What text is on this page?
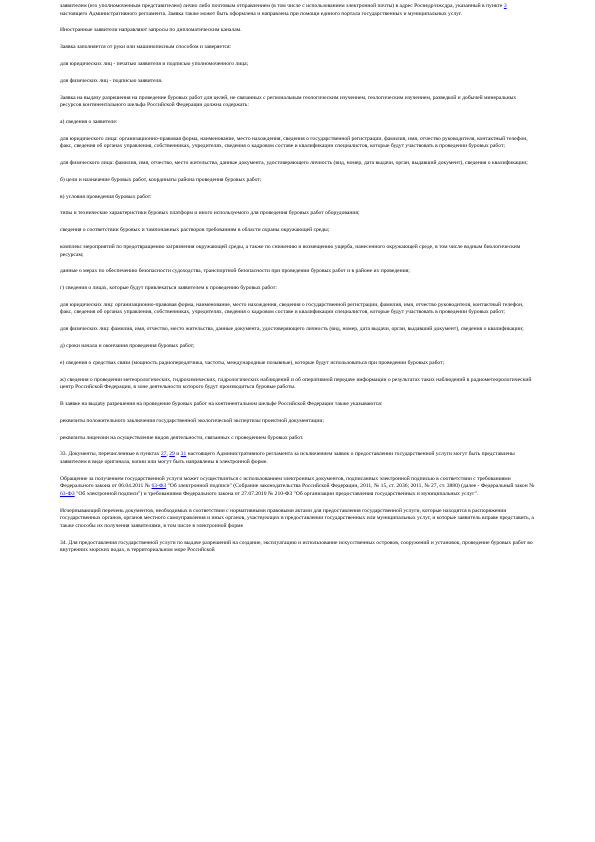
заявителем (его уполномоченным представителем) лично либо почтовым отправлением (в том числе с использованием электронной почты) в адрес Роснедр/нжсдра, указанный в пункте 3 настоящего Административного регламента. Заявка также может быть оформлена и направлена при помощи единого портала государственных и муниципальных услуг.

Иностранные заявители направляют запросы по дипломатическим каналам.

Заявка заполняется от руки или машинописным способом и заверяется:

для юридических лиц - печатью заявителя и подписью уполномоченного лица;

для физических лиц - подписью заявителя.

Заявка на выдачу разрешения на проведение буровых работ для целей, не связанных с региональным геологическим изучением, геологическим изучением, разведкой и добычей минеральных ресурсов континентального шельфа Российской Федерации должна содержать:

а) сведения о заявителе:

для юридического лица: организационно-правовая форма, наименование, место нахождения, сведения о государственной регистрации, фамилия, имя, отчество руководителя, контактный телефон, факс, сведения об органах управления, собственниках, учредителях, сведения о кадровом составе и квалификации специалистов, которые будут участвовать в проведении буровых работ;

для физического лица: фамилия, имя, отчество, место жительства, данные документа, удостоверяющего личность (вид, номер, дата выдачи, орган, выдавший документ), сведения о квалификации;

б) цели и назначение буровых работ, координаты района проведения буровых работ;

в) условия проведения буровых работ:

типы и технические характеристики буровых платформ и иного используемого для проведения буровых работ оборудования;

сведения о соответствии буровых и тампонажных растворов требованиям в области охраны окружающей среды;

комплекс мероприятий по предотвращению загрязнения окружающей среды, а также по снижению и возмещению ущерба, нанесенного окружающей среде, в том числе водным биологическим ресурсам;

данные о мерах по обеспечению безопасности судоходства, транспортной безопасности при проведении буровых работ и в районе их проведения;

г) сведения о лицах, которые будут привлекаться заявителем к проведению буровых работ:

для юридических лиц: организационно-правовая форма, наименование, место нахождения, сведения о государственной регистрации, фамилия, имя, отчество руководителя, контактный телефон, факс, сведения об органах управления, собственниках, учредителях, сведения о кадровом составе и квалификации специалистов, которые будут участвовать в проведении буровых работ;

для физических лиц: фамилия, имя, отчество, место жительства, данные документа, удостоверяющего личность (вид, номер, дата выдачи, орган, выдавший документ), сведения о квалификации;

д) сроки начала и окончания проведения буровых работ;

е) сведения о средствах связи (мощность радиопередатчика, частоты, международные позывные), которые будут использоваться при проведении буровых работ;

ж) сведения о проведении метеорологических, гидрохимических, гидрологических наблюдений и об оперативной передаче информации о результатах таких наблюдений в радиометеорологический центр Российской Федерации, в зоне деятельности которого будут производиться буровые работы.

В заявке на выдачу разрешения на проведение буровых работ на континентальном шельфе Российской Федерации также указываются:

реквизиты положительного заключения государственной экологической экспертизы проектной документации;

реквизиты лицензии на осуществление видов деятельности, связанных с проведением буровых работ.

33. Документы, перечисленные в пунктах 27, 29 и 31 настоящего Административного регламента за исключением заявок о предоставлении государственной услуги могут быть представлены заявителем в виде оригинала, копии или могут быть направлены в электронной форме.

Обращение за получением государственной услуги может осуществляться с использованием электронных документов, подписанных электронной подписью в соответствии с требованиями Федерального закона от 06.04.2011 № 63-ФЗ "Об электронной подписи" (Собрание законодательства Российской Федерации, 2011, № 15, ст. 2036; 2011, № 27, ст. 3880) (далее - Федеральный закон № 63-ФЗ "Об электронной подписи") и требованиями Федерального закона от 27.07.2010 № 210-ФЗ "Об организации предоставления государственных и муниципальных услуг".

Исчерпывающий перечень документов, необходимых в соответствии с нормативными правовыми актами для предоставления государственной услуги, которые находятся в распоряжении государственных органов, органов местного самоуправления и иных органов, участвующих в предоставлении государственных или муниципальных услуг, и которые заявитель вправе представить, а также способы их получения заявителями, в том числе в электронной форме

34. Для предоставления государственной услуги по выдаче разрешений на создание, эксплуатацию и использование искусственных островов, сооружений и установок, проведение буровых работ во внутренних морских водах, в территориальном море Российской
